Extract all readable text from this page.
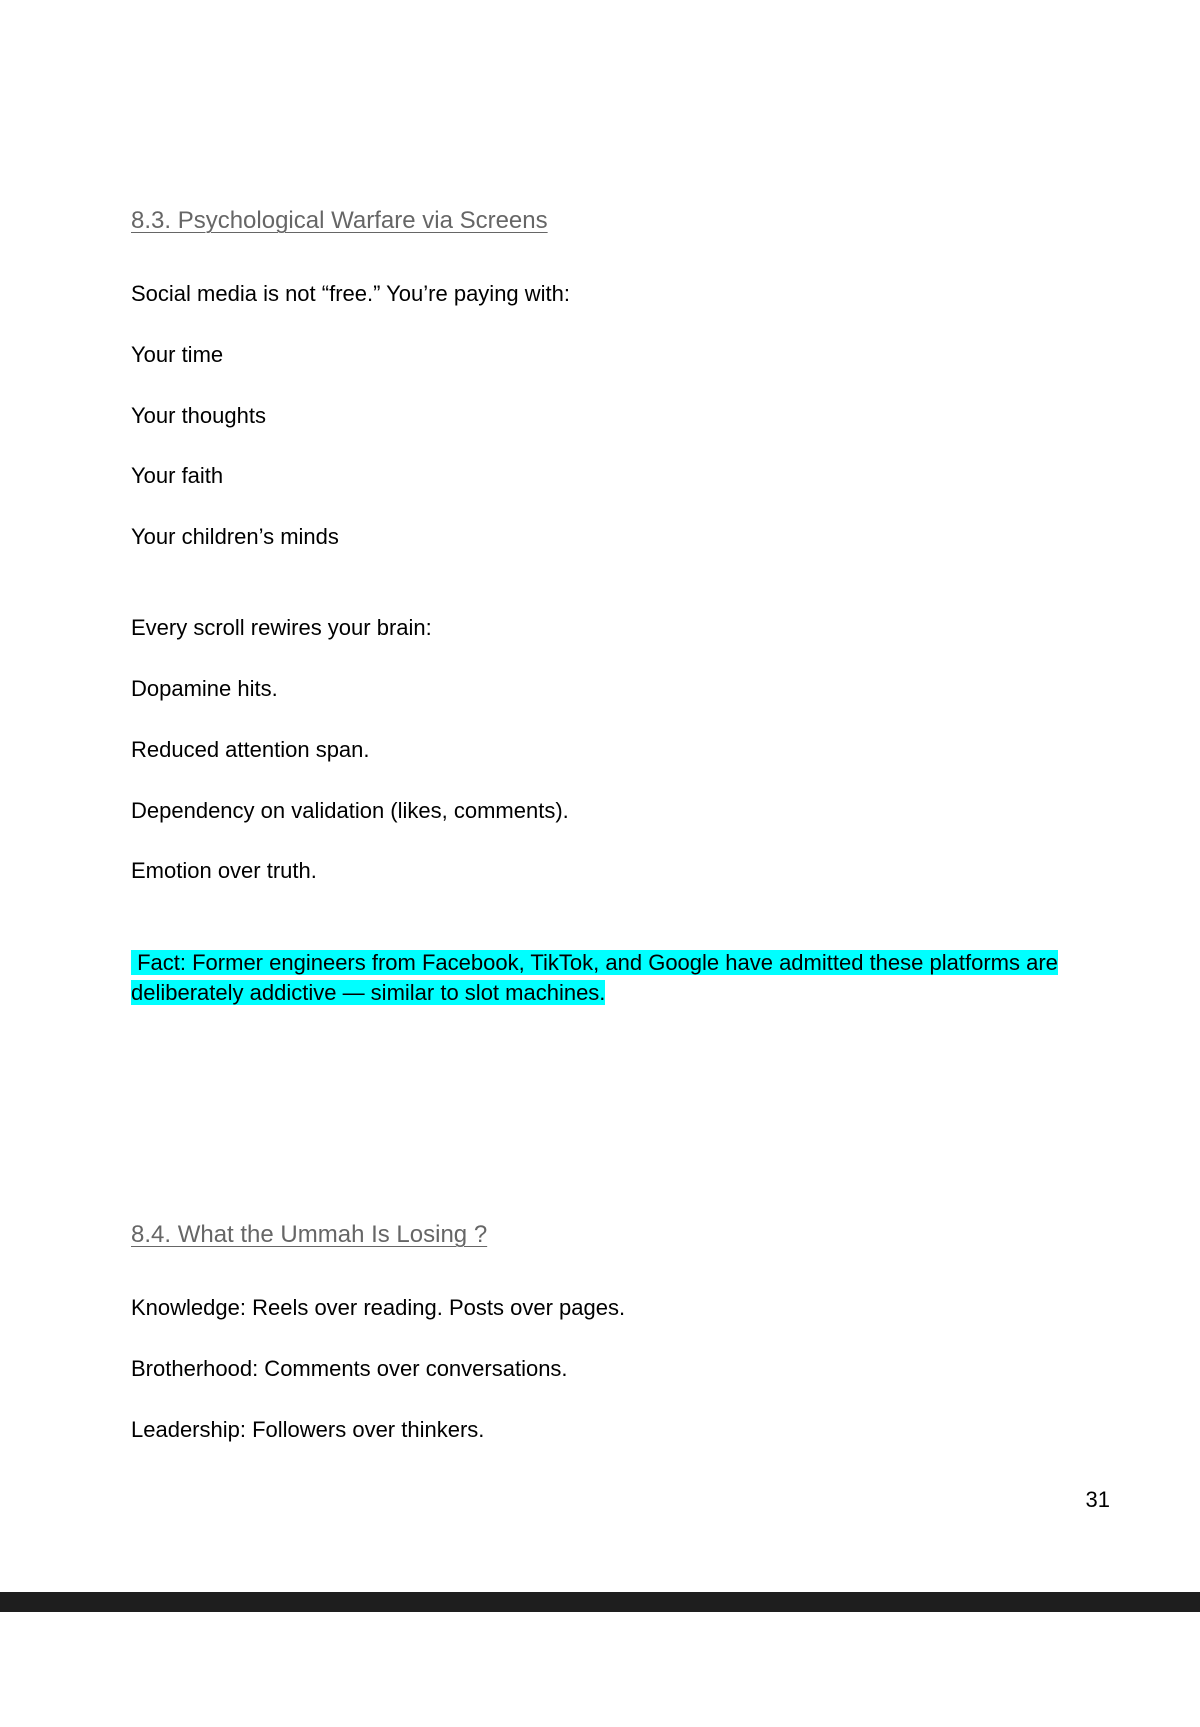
8.3. Psychological Warfare via Screens
Social media is not “free.” You’re paying with:
Your time
Your thoughts
Your faith
Your children’s minds
Every scroll rewires your brain:
Dopamine hits.
Reduced attention span.
Dependency on validation (likes, comments).
Emotion over truth.
Fact: Former engineers from Facebook, TikTok, and Google have admitted these platforms are
deliberately addictive — similar to slot machines.
8.4. What the Ummah Is Losing ?
Knowledge: Reels over reading. Posts over pages.
Brotherhood: Comments over conversations.
Leadership: Followers over thinkers.
31
